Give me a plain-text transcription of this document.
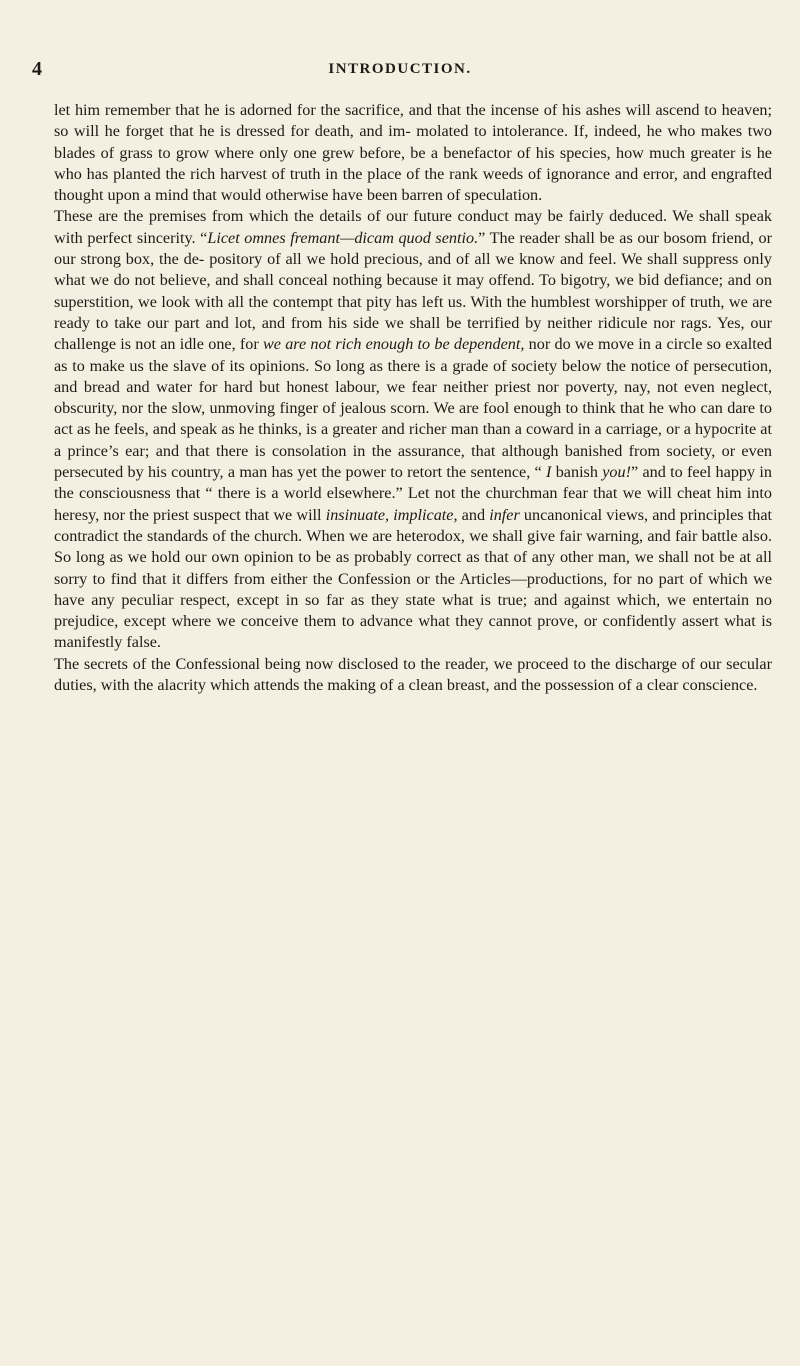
4	INTRODUCTION.

let him remember that he is adorned for the sacrifice, and that the incense of his ashes will ascend to heaven; so will he forget that he is dressed for death, and im- molated to intolerance. If, indeed, he who makes two blades of grass to grow where only one grew before, be a benefactor of his species, how much greater is he who has planted the rich harvest of truth in the place of the rank weeds of ignorance and error, and engrafted thought upon a mind that would otherwise have been barren of speculation.

These are the premises from which the details of our future conduct may be fairly deduced. We shall speak with perfect sincerity. “Licet omnes fremant—dicam quod sentio.” The reader shall be as our bosom friend, or our strong box, the de- pository of all we hold precious, and of all we know and feel. We shall suppress only what we do not believe, and shall conceal nothing because it may offend. To bigotry, we bid defiance; and on superstition, we look with all the contempt that pity has left us. With the humblest worshipper of truth, we are ready to take our part and lot, and from his side we shall be terrified by neither ridicule nor rags. Yes, our challenge is not an idle one, for we are not rich enough to be dependent, nor do we move in a circle so exalted as to make us the slave of its opinions. So long as there is a grade of society below the notice of persecution, and bread and water for hard but honest labour, we fear neither priest nor poverty, nay, not even neglect, obscurity, nor the slow, unmoving finger of jealous scorn. We are fool enough to think that he who can dare to act as he feels, and speak as he thinks, is a greater and richer man than a coward in a carriage, or a hypocrite at a prince’s ear; and that there is consolation in the assurance, that although banished from society, or even persecuted by his country, a man has yet the power to retort the sentence, “ I banish you!” and to feel happy in the consciousness that “ there is a world elsewhere.” Let not the churchman fear that we will cheat him into heresy, nor the priest suspect that we will insinuate, implicate, and infer uncanonical views, and principles that contradict the standards of the church. When we are heterodox, we shall give fair warning, and fair battle also. So long as we hold our own opinion to be as probably correct as that of any other man, we shall not be at all sorry to find that it differs from either the Confession or the Articles—productions, for no part of which we have any peculiar respect, except in so far as they state what is true; and against which, we entertain no prejudice, except where we conceive them to advance what they cannot prove, or confidently assert what is manifestly false.

The secrets of the Confessional being now disclosed to the reader, we proceed to the discharge of our secular duties, with the alacrity which attends the making of a clean breast, and the possession of a clear conscience.
